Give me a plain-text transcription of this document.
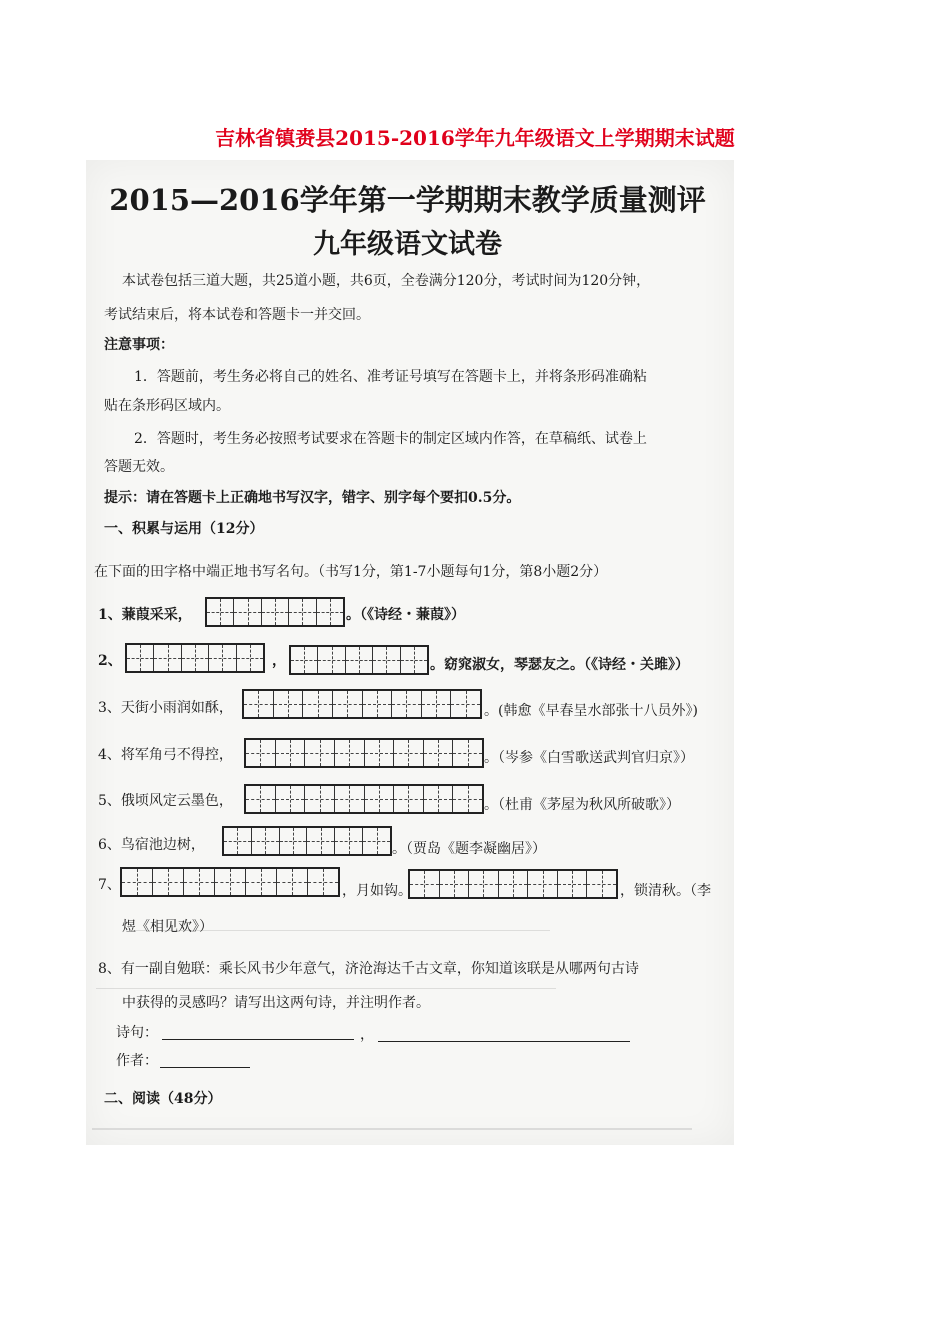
吉林省镇赉县2015-2016学年九年级语文上学期期末试题
2015—2016学年第一学期期末教学质量测评
九年级语文试卷
本试卷包括三道大题，共25道小题，共6页，全卷满分120分，考试时间为120分钟，
考试结束后，将本试卷和答题卡一并交回。
注意事项：
1．答题前，考生务必将自己的姓名、准考证号填写在答题卡上，并将条形码准确粘
贴在条形码区域内。
2．答题时，考生务必按照考试要求在答题卡的制定区域内作答，在草稿纸、试卷上
答题无效。
提示：请在答题卡上正确地书写汉字，错字、别字每个要扣0.5分。
一、积累与运用（12分）
在下面的田字格中端正地书写名句。（书写1分，第1-7小题每句1分，第8小题2分）
1、蒹葭采采，	。（《诗经・蒹葭》）
2、	，	。窈窕淑女，琴瑟友之。（《诗经・关雎》）
3、天街小雨润如酥，	。(韩愈《早春呈水部张十八员外》)
4、将军角弓不得控，	。（岑参《白雪歌送武判官归京》）
5、俄顷风定云墨色，	。（杜甫《茅屋为秋风所破歌》）
6、鸟宿池边树，	。（贾岛《题李凝幽居》）
7、	，月如钩。	，锁清秋。（李
煜《相见欢》）
8、有一副自勉联：乘长风书少年意气，济沧海达千古文章，你知道该联是从哪两句古诗
中获得的灵感吗？请写出这两句诗，并注明作者。
诗句：	，
作者：
二、阅读（48分）
